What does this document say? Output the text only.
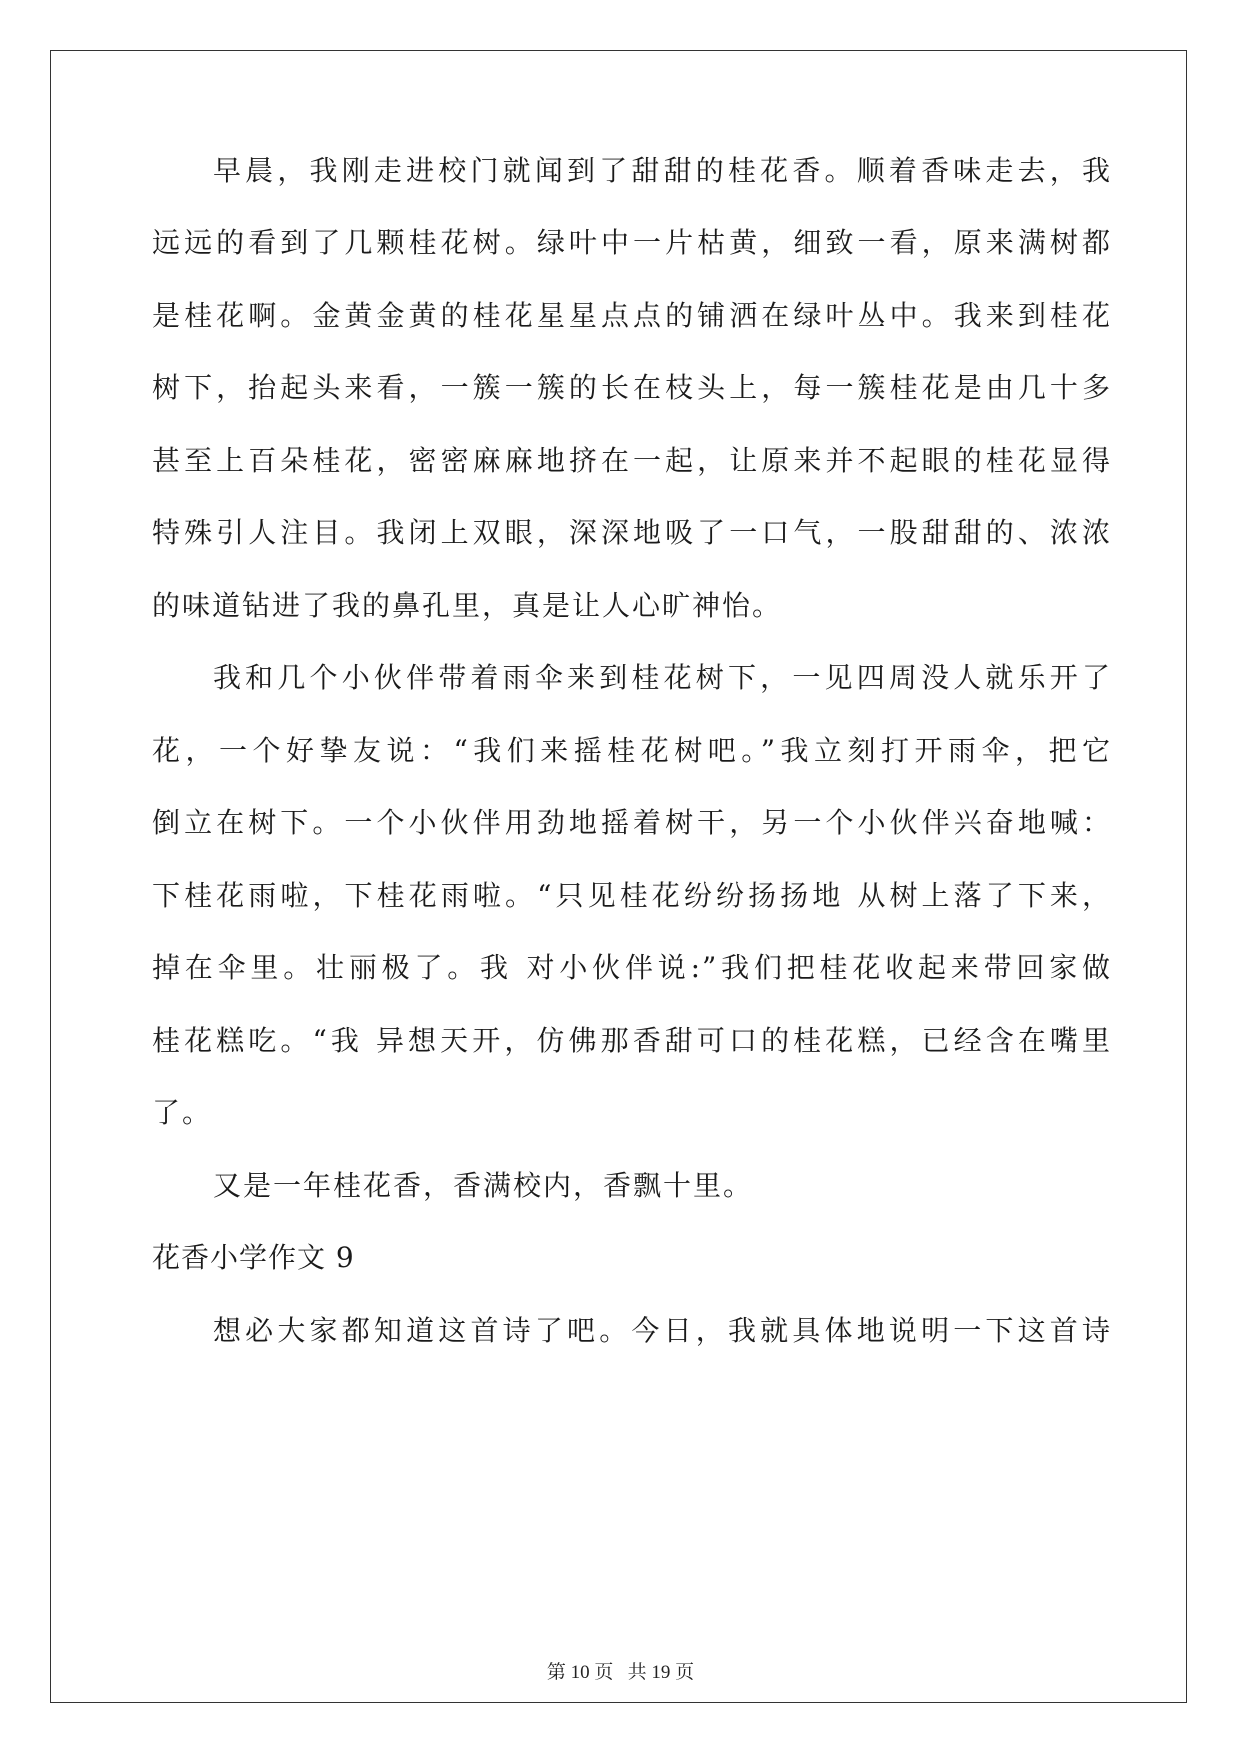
早晨，我刚走进校门就闻到了甜甜的桂花香。顺着香味走去，我
远远的看到了几颗桂花树。绿叶中一片枯黄，细致一看，原来满树都
是桂花啊。金黄金黄的桂花星星点点的铺洒在绿叶丛中。我来到桂花
树下，抬起头来看，一簇一簇的长在枝头上，每一簇桂花是由几十多
甚至上百朵桂花，密密麻麻地挤在一起，让原来并不起眼的桂花显得
特殊引人注目。我闭上双眼，深深地吸了一口气，一股甜甜的、浓浓
的味道钻进了我的鼻孔里，真是让人心旷神怡。
我和几个小伙伴带着雨伞来到桂花树下，一见四周没人就乐开了
花，一个好挚友说：“我们来摇桂花树吧。”我立刻打开雨伞，把它
倒立在树下。一个小伙伴用劲地摇着树干，另一个小伙伴兴奋地喊：
下桂花雨啦，下桂花雨啦。“只见桂花纷纷扬扬地 从树上落了下来，
掉在伞里。壮丽极了。我 对小伙伴说:”我们把桂花收起来带回家做
桂花糕吃。“我 异想天开，仿佛那香甜可口的桂花糕，已经含在嘴里
了。
又是一年桂花香，香满校内，香飘十里。
花香小学作文 9
想必大家都知道这首诗了吧。今日，我就具体地说明一下这首诗
第 10 页   共 19 页
